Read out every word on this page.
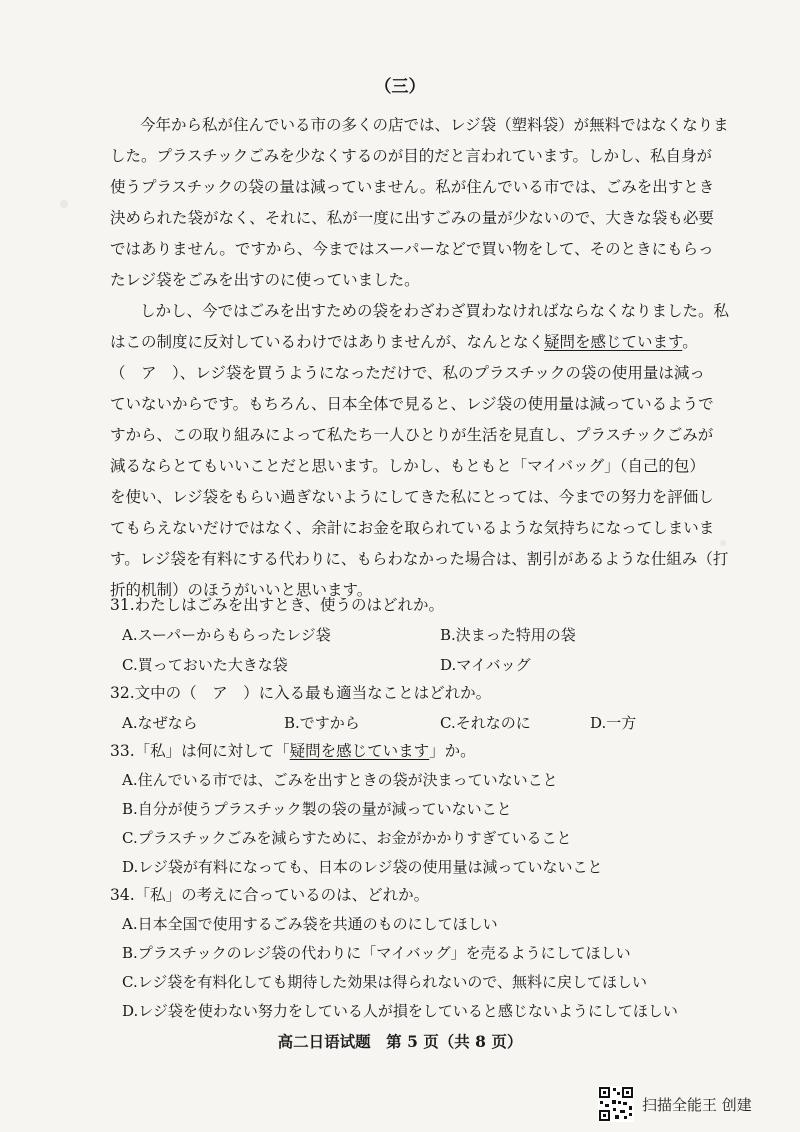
（三）
今年から私が住んでいる市の多くの店では、レジ袋（塑料袋）が無料ではなくなりま
した。プラスチックごみを少なくするのが目的だと言われています。しかし、私自身が
使うプラスチックの袋の量は減っていません。私が住んでいる市では、ごみを出すとき
決められた袋がなく、それに、私が一度に出すごみの量が少ないので、大きな袋も必要
ではありません。ですから、今まではスーパーなどで買い物をして、そのときにもらっ
たレジ袋をごみを出すのに使っていました。
しかし、今ではごみを出すための袋をわざわざ買わなければならなくなりました。私
はこの制度に反対しているわけではありませんが、なんとなく疑問を感じています。
（　ア　）、レジ袋を買うようになっただけで、私のプラスチックの袋の使用量は減っ
ていないからです。もちろん、日本全体で見ると、レジ袋の使用量は減っているようで
すから、この取り組みによって私たち一人ひとりが生活を見直し、プラスチックごみが
減るならとてもいいことだと思います。しかし、もともと「マイバッグ」（自己的包）
を使い、レジ袋をもらい過ぎないようにしてきた私にとっては、今までの努力を評価し
てもらえないだけではなく、余計にお金を取られているような気持ちになってしまいま
す。レジ袋を有料にする代わりに、もらわなかった場合は、割引があるような仕組み（打
折的机制）のほうがいいと思います。
31.わたしはごみを出すとき、使うのはどれか。
A.スーパーからもらったレジ袋	B.決まった特用の袋
C.買っておいた大きな袋	D.マイバッグ
32.文中の（　ア　）に入る最も適当なことはどれか。
A.なぜなら	B.ですから	C.それなのに	D.一方
33.「私」は何に対して「疑問を感じています」か。
A.住んでいる市では、ごみを出すときの袋が決まっていないこと
B.自分が使うプラスチック製の袋の量が減っていないこと
C.プラスチックごみを減らすために、お金がかかりすぎていること
D.レジ袋が有料になっても、日本のレジ袋の使用量は減っていないこと
34.「私」の考えに合っているのは、どれか。
A.日本全国で使用するごみ袋を共通のものにしてほしい
B.プラスチックのレジ袋の代わりに「マイバッグ」を売るようにしてほしい
C.レジ袋を有料化しても期待した効果は得られないので、無料に戻してほしい
D.レジ袋を使わない努力をしている人が損をしていると感じないようにしてほしい
高二日语试题　第 5 页（共 8 页）
扫描全能王 创建
